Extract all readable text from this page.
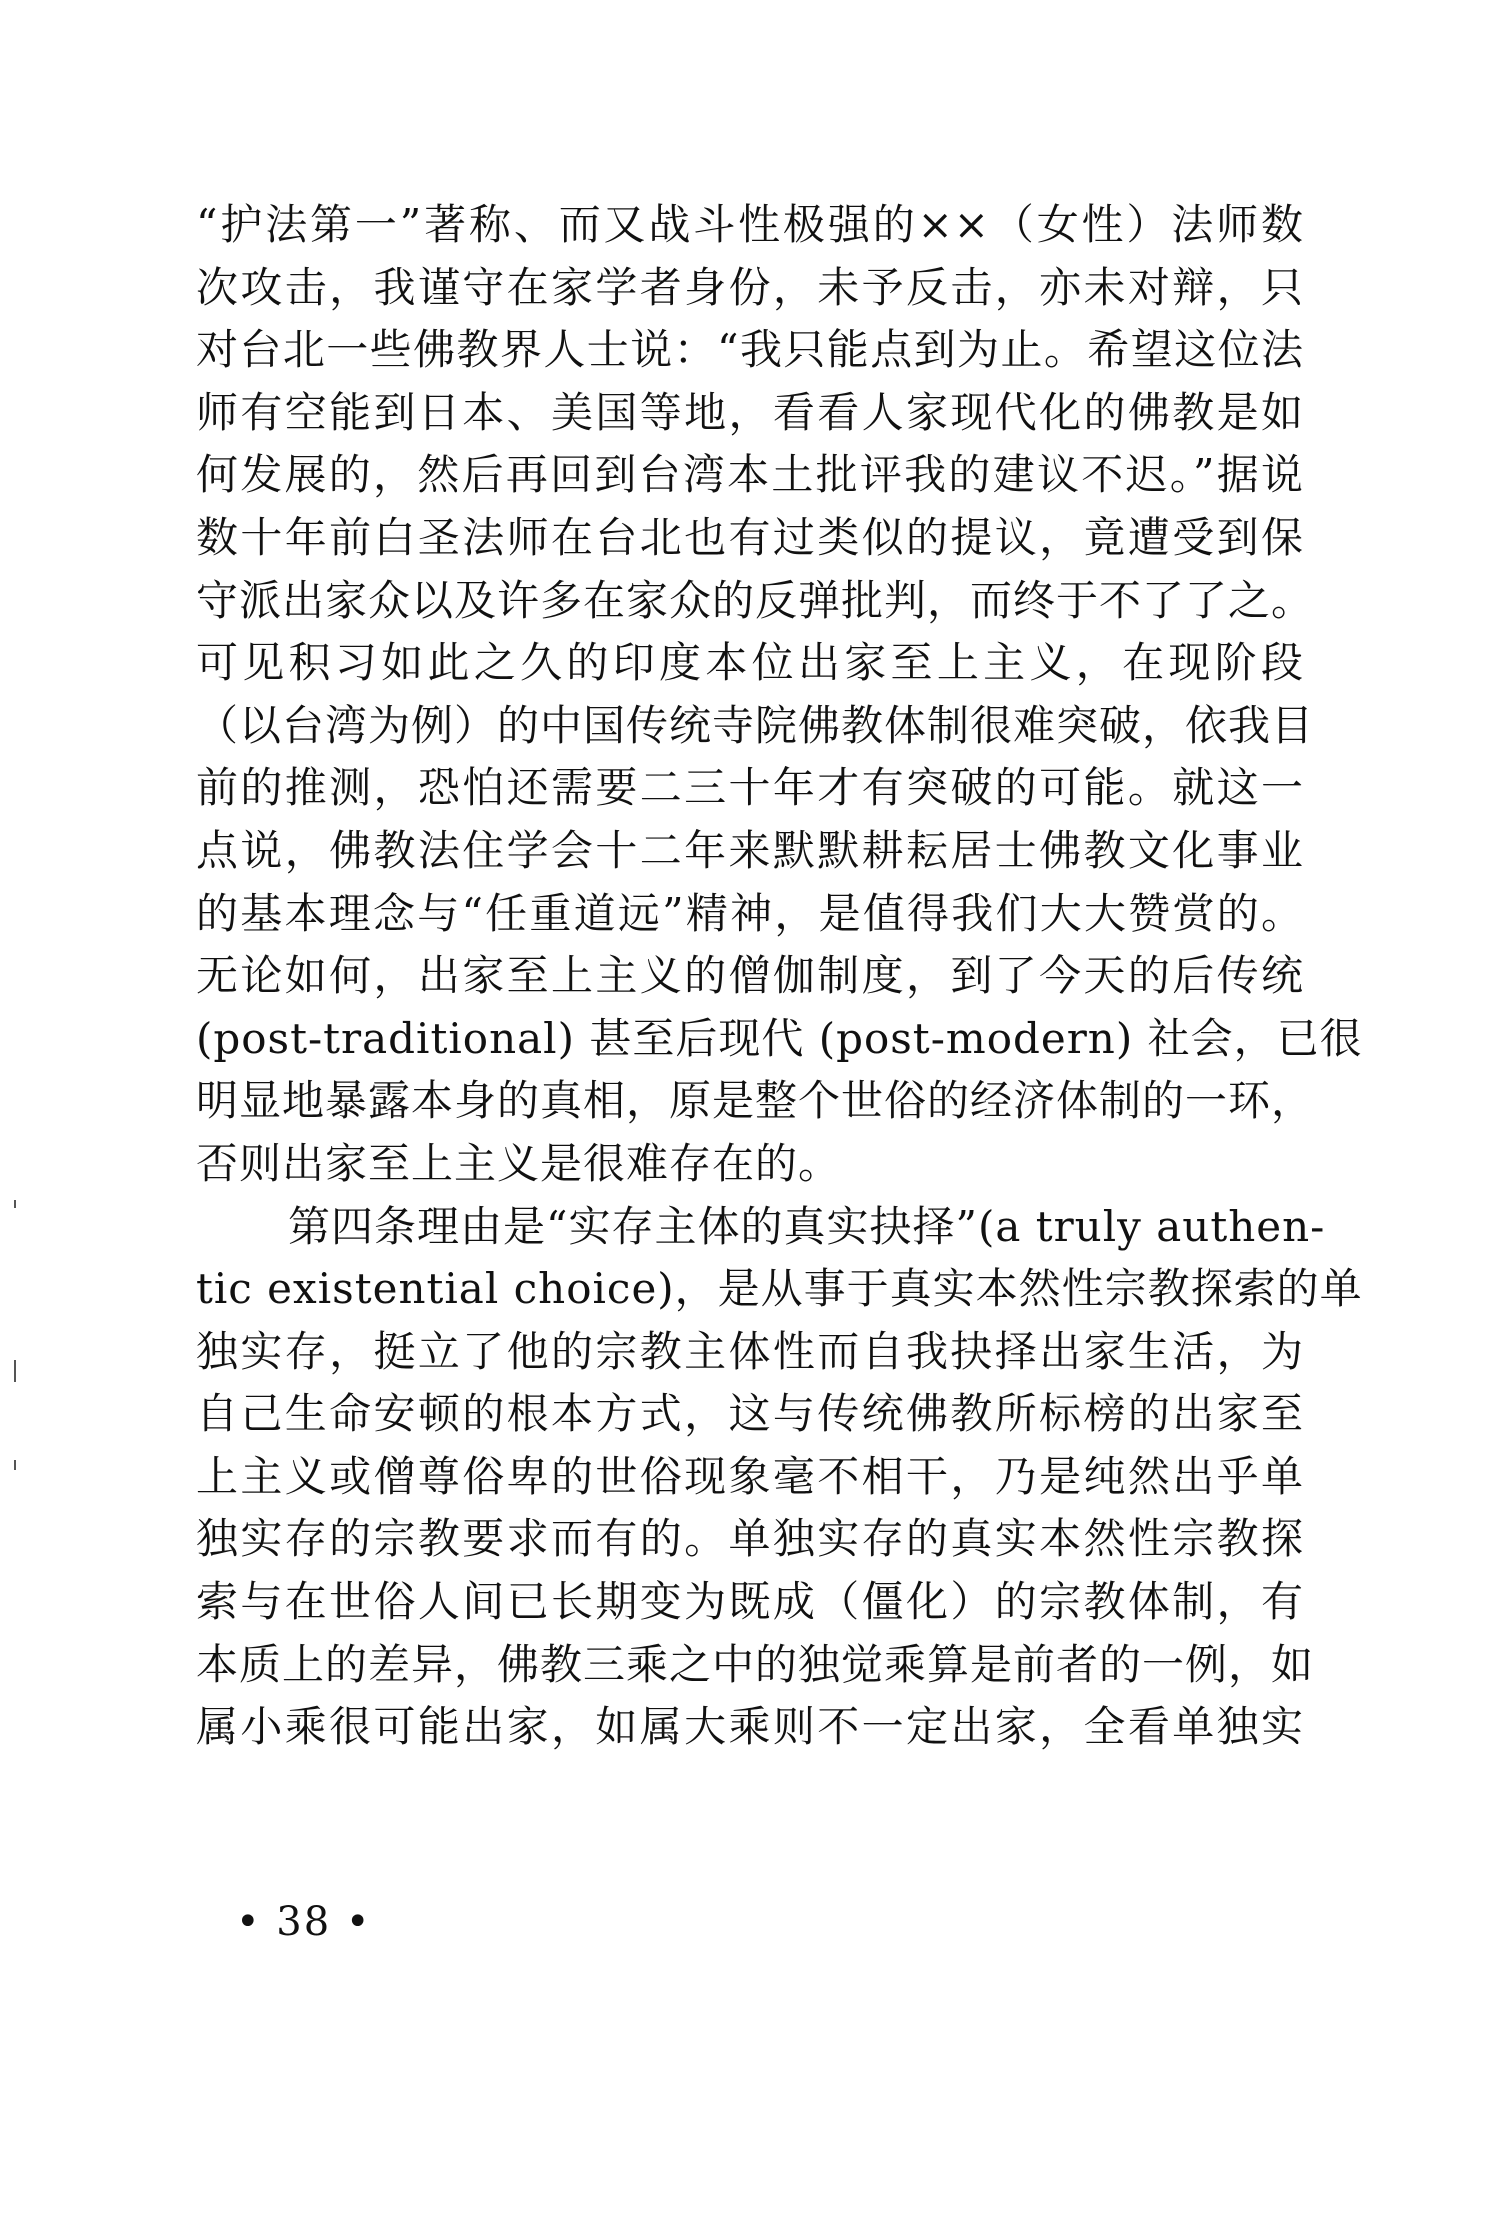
“护法第一”著称、而又战斗性极强的××（女性）法师数
次攻击，我谨守在家学者身份，未予反击，亦未对辩，只
对台北一些佛教界人士说：“我只能点到为止。希望这位法
师有空能到日本、美国等地，看看人家现代化的佛教是如
何发展的，然后再回到台湾本土批评我的建议不迟。”据说
数十年前白圣法师在台北也有过类似的提议，竟遭受到保
守派出家众以及许多在家众的反弹批判，而终于不了了之。
可见积习如此之久的印度本位出家至上主义，在现阶段
（以台湾为例）的中国传统寺院佛教体制很难突破，依我目
前的推测，恐怕还需要二三十年才有突破的可能。就这一
点说，佛教法住学会十二年来默默耕耘居士佛教文化事业
的基本理念与“任重道远”精神，是值得我们大大赞赏的。
无论如何，出家至上主义的僧伽制度，到了今天的后传统
(post-traditional) 甚至后现代 (post-modern) 社会，已很
明显地暴露本身的真相，原是整个世俗的经济体制的一环，
否则出家至上主义是很难存在的。
第四条理由是“实存主体的真实抉择”(a truly authen-
tic existential choice)，是从事于真实本然性宗教探索的单
独实存，挺立了他的宗教主体性而自我抉择出家生活，为
自己生命安顿的根本方式，这与传统佛教所标榜的出家至
上主义或僧尊俗卑的世俗现象毫不相干，乃是纯然出乎单
独实存的宗教要求而有的。单独实存的真实本然性宗教探
索与在世俗人间已长期变为既成（僵化）的宗教体制，有
本质上的差异，佛教三乘之中的独觉乘算是前者的一例，如
属小乘很可能出家，如属大乘则不一定出家，全看单独实
• 38 •
